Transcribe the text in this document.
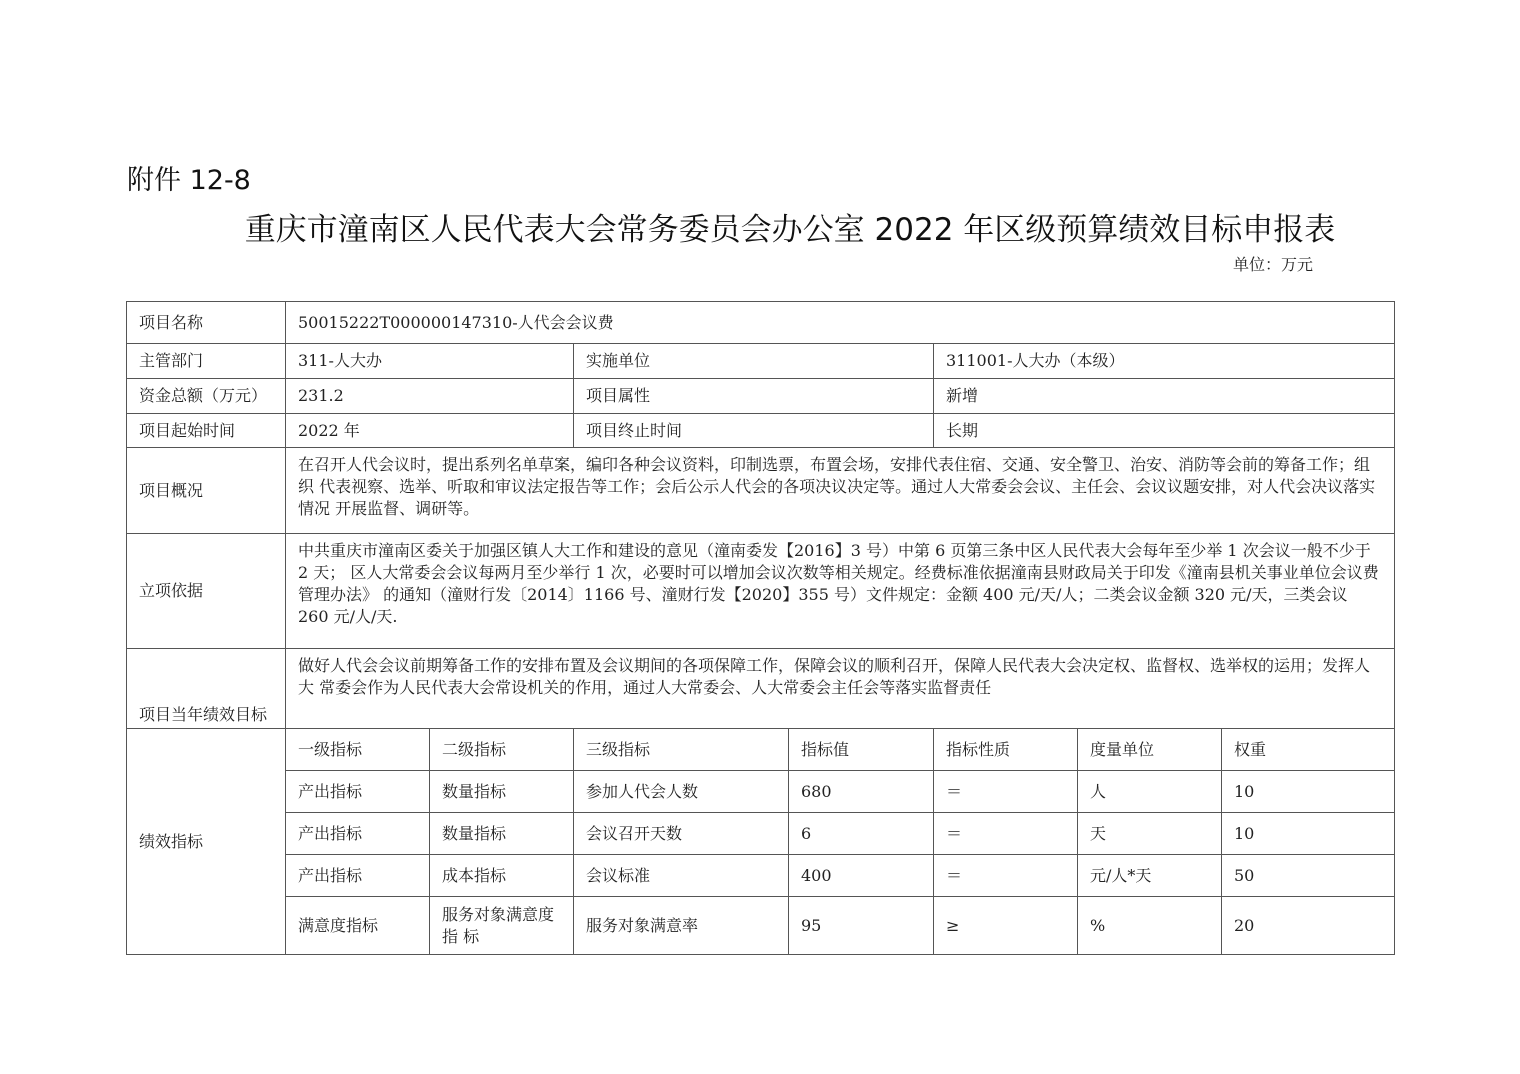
附件 12-8
重庆市潼南区人民代表大会常务委员会办公室 2022 年区级预算绩效目标申报表
单位：万元
项目名称	50015222T000000147310-人代会会议费						
主管部门	311-人大办		实施单位		311001-人大办（本级）		
资金总额（万元）	231.2		项目属性		新增		
项目起始时间	2022 年		项目终止时间		长期		
项目概况	在召开人代会议时，提出系列名单草案，编印各种会议资料，印制选票，布置会场，安排代表住宿、交通、安全警卫、治安、消防等会前的筹备工作；组织 代表视察、选举、听取和审议法定报告等工作；会后公示人代会的各项决议决定等。通过人大常委会会议、主任会、会议议题安排，对人代会决议落实情况 开展监督、调研等。						
立项依据	中共重庆市潼南区委关于加强区镇人大工作和建设的意见（潼南委发【2016】3 号）中第 6 页第三条中区人民代表大会每年至少举 1 次会议一般不少于 2 天； 区人大常委会会议每两月至少举行 1 次，必要时可以增加会议次数等相关规定。经费标准依据潼南县财政局关于印发《潼南县机关事业单位会议费管理办法》 的通知（潼财行发〔2014〕1166 号、潼财行发【2020】355 号）文件规定：金额 400 元/天/人；二类会议金额 320 元/天，三类会议 260 元/人/天.						
项目当年绩效目标	做好人代会会议前期筹备工作的安排布置及会议期间的各项保障工作，保障会议的顺利召开，保障人民代表大会决定权、监督权、选举权的运用；发挥人大 常委会作为人民代表大会常设机关的作用，通过人大常委会、人大常委会主任会等落实监督责任						
绩效指标	一级指标	二级指标	三级指标	指标值	指标性质	度量单位	权重
	产出指标	数量指标	参加人代会人数	680	＝	人	10
	产出指标	数量指标	会议召开天数	6	＝	天	10
	产出指标	成本指标	会议标准	400	＝	元/人*天	50
	满意度指标	服务对象满意度指 标	服务对象满意率	95	≥	%	20
